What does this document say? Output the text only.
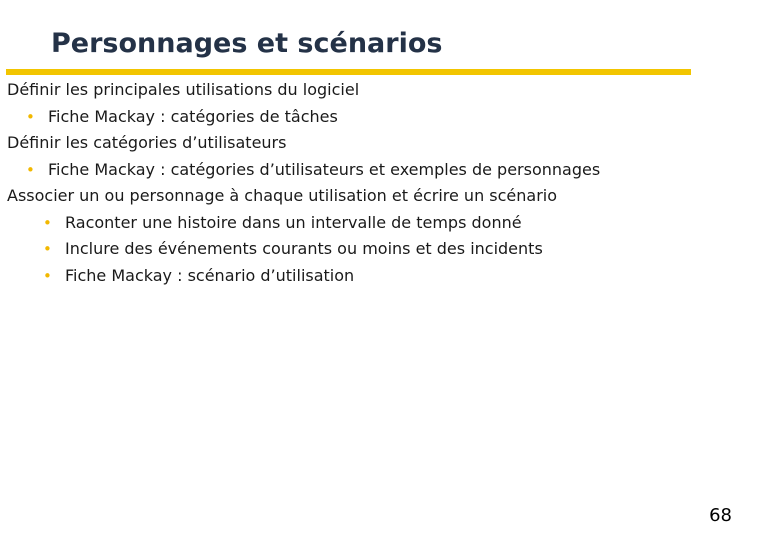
Personnages et scénarios
Définir les principales utilisations du logiciel
• Fiche Mackay : catégories de tâches
Définir les catégories d’utilisateurs
• Fiche Mackay : catégories d’utilisateurs et exemples de personnages
Associer un ou personnage à chaque utilisation et écrire un scénario
• Raconter une histoire dans un intervalle de temps donné
• Inclure des événements courants ou moins et des incidents
• Fiche Mackay : scénario d’utilisation
68
